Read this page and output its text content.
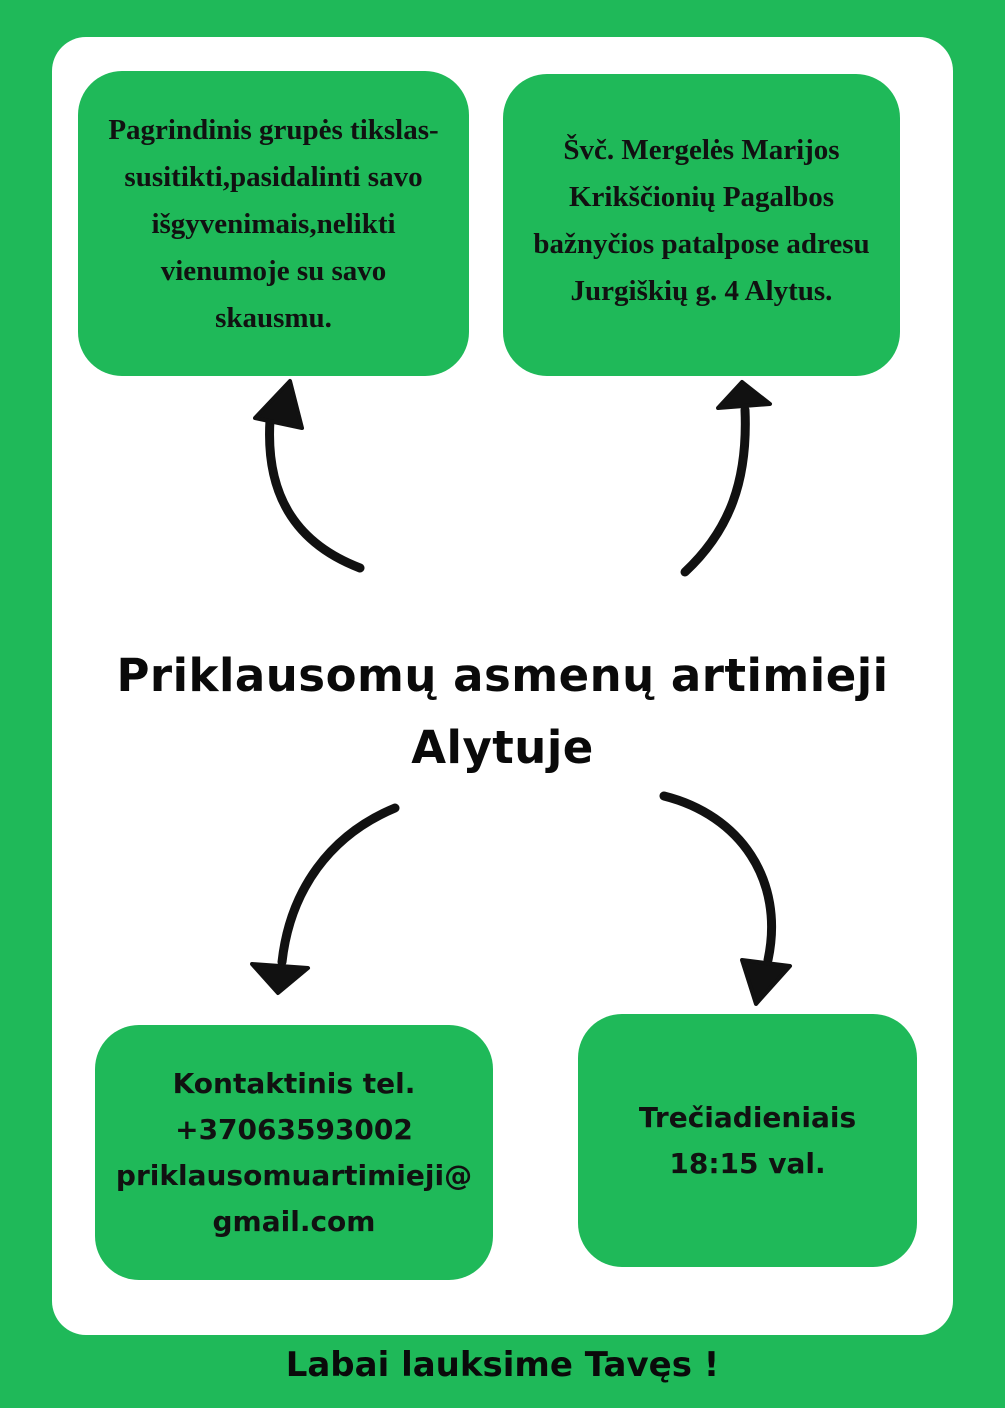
Pagrindinis grupės tikslas-
susitikti,pasidalinti savo
išgyvenimais,nelikti
vienumoje su savo
skausmu.
Švč. Mergelės Marijos
Krikščionių Pagalbos
bažnyčios patalpose adresu
Jurgiškių g. 4 Alytus.
Priklausomų asmenų artimieji
Alytuje
Kontaktinis tel.
+37063593002
priklausomuartimieji@
gmail.com
Trečiadieniais
18:15 val.
Labai lauksime Tavęs !
